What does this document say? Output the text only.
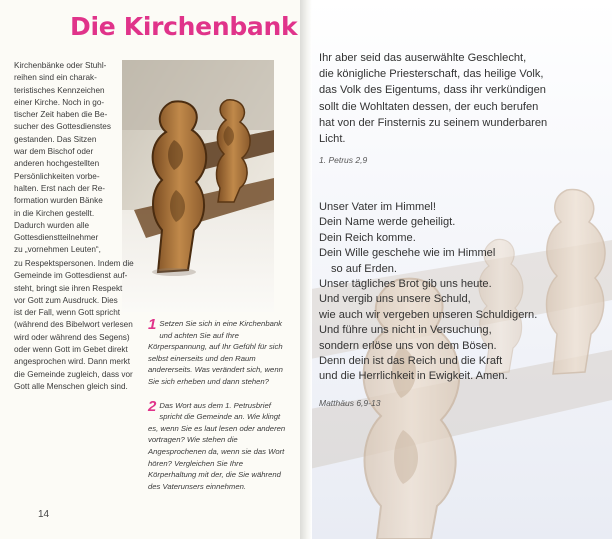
Die Kirchenbank

Kirchenbänke oder Stuhl-
reihen sind ein charak-
teristisches Kennzeichen
einer Kirche. Noch in go-
tischer Zeit haben die Be-
sucher des Gottesdienstes
gestanden. Das Sitzen
war dem Bischof oder
anderen hochgestellten
Persönlichkeiten vorbe-
halten. Erst nach der Re-
formation wurden Bänke
in die Kirchen gestellt.
Dadurch wurden alle
Gottesdienstteilnehmer
zu „vornehmen Leuten“,

zu Respektspersonen. Indem die
Gemeinde im Gottesdienst auf-
steht, bringt sie ihren Respekt
vor Gott zum Ausdruck. Dies
ist der Fall, wenn Gott spricht
(während des Bibelwort verlesen
wird oder während des Segens)
oder wenn Gott im Gebet direkt
angesprochen wird. Dann merkt
die Gemeinde zugleich, dass vor
Gott alle Menschen gleich sind.

1 Setzen Sie sich in eine Kirchenbank und achten Sie auf Ihre Körperspannung, auf Ihr Gefühl für sich selbst einerseits und den Raum andererseits. Was verändert sich, wenn Sie sich erheben und dann stehen?
2 Das Wort aus dem 1. Petrusbrief spricht die Gemeinde an. Wie klingt es, wenn Sie es laut lesen oder anderen vortragen? Wie stehen die Angesprochenen da, wenn sie das Wort hören? Vergleichen Sie Ihre Körperhaltung mit der, die Sie während des Vaterunsers einnehmen.

14

Ihr aber seid das auserwählte Geschlecht,
die königliche Priesterschaft, das heilige Volk,
das Volk des Eigentums, dass ihr verkündigen
sollt die Wohltaten dessen, der euch berufen
hat von der Finsternis zu seinem wunderbaren
Licht.

1. Petrus 2,9

Unser Vater im Himmel!
Dein Name werde geheiligt.
Dein Reich komme.
Dein Wille geschehe wie im Himmel
so auf Erden.
Unser tägliches Brot gib uns heute.
Und vergib uns unsere Schuld,
wie auch wir vergeben unseren Schuldigern.
Und führe uns nicht in Versuchung,
sondern erlöse uns von dem Bösen.
Denn dein ist das Reich und die Kraft
und die Herrlichkeit in Ewigkeit. Amen.

Matthäus 6,9-13
